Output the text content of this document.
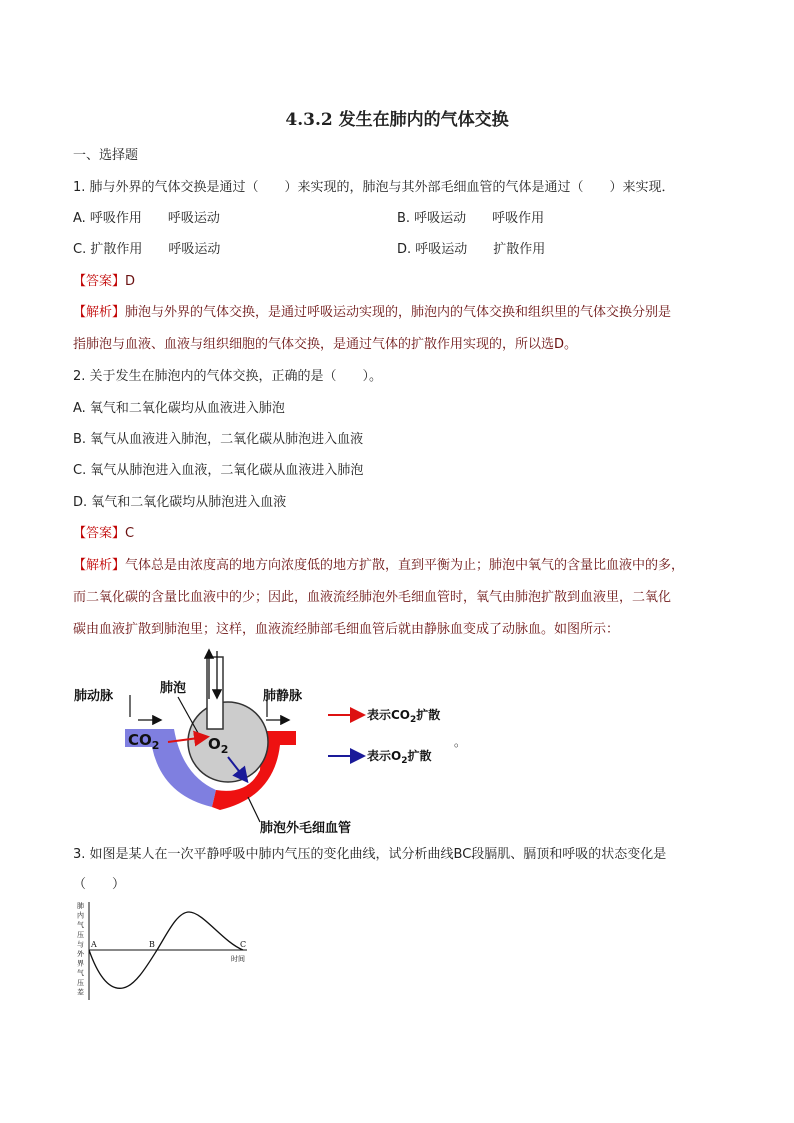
4.3.2 发生在肺内的气体交换
一、选择题
1. 肺与外界的气体交换是通过（　　）来实现的，肺泡与其外部毛细血管的气体是通过（　　）来实现．
A. 呼吸作用　　呼吸运动	B. 呼吸运动　　呼吸作用
C. 扩散作用　　呼吸运动	D. 呼吸运动　　扩散作用
【答案】D
【解析】肺泡与外界的气体交换，是通过呼吸运动实现的，肺泡内的气体交换和组织里的气体交换分别是
指肺泡与血液、血液与组织细胞的气体交换，是通过气体的扩散作用实现的，所以选D。
2. 关于发生在肺泡内的气体交换，正确的是（　　）。
A. 氧气和二氧化碳均从血液进入肺泡
B. 氧气从血液进入肺泡，二氧化碳从肺泡进入血液
C. 氧气从肺泡进入血液，二氧化碳从血液进入肺泡
D. 氧气和二氧化碳均从肺泡进入血液
【答案】C
【解析】气体总是由浓度高的地方向浓度低的地方扩散，直到平衡为止；肺泡中氧气的含量比血液中的多，
而二氧化碳的含量比血液中的少；因此，血液流经肺泡外毛细血管时，氧气由肺泡扩散到血液里，二氧化
碳由血液扩散到肺泡里；这样，血液流经肺部毛细血管后就由静脉血变成了动脉血。如图所示：
肺动脉
肺泡
肺静脉
肺泡外毛细血管
$CO_2$	$O_2$
表示$CO_2$扩散
表示$O_2$扩散
。
3. 如图是某人在一次平静呼吸中肺内气压的变化曲线，试分析曲线BC段膈肌、膈顶和呼吸的状态变化是
（　　）
肺
内
气
压
与
外
界
气
压
差
A	B	C
时间
